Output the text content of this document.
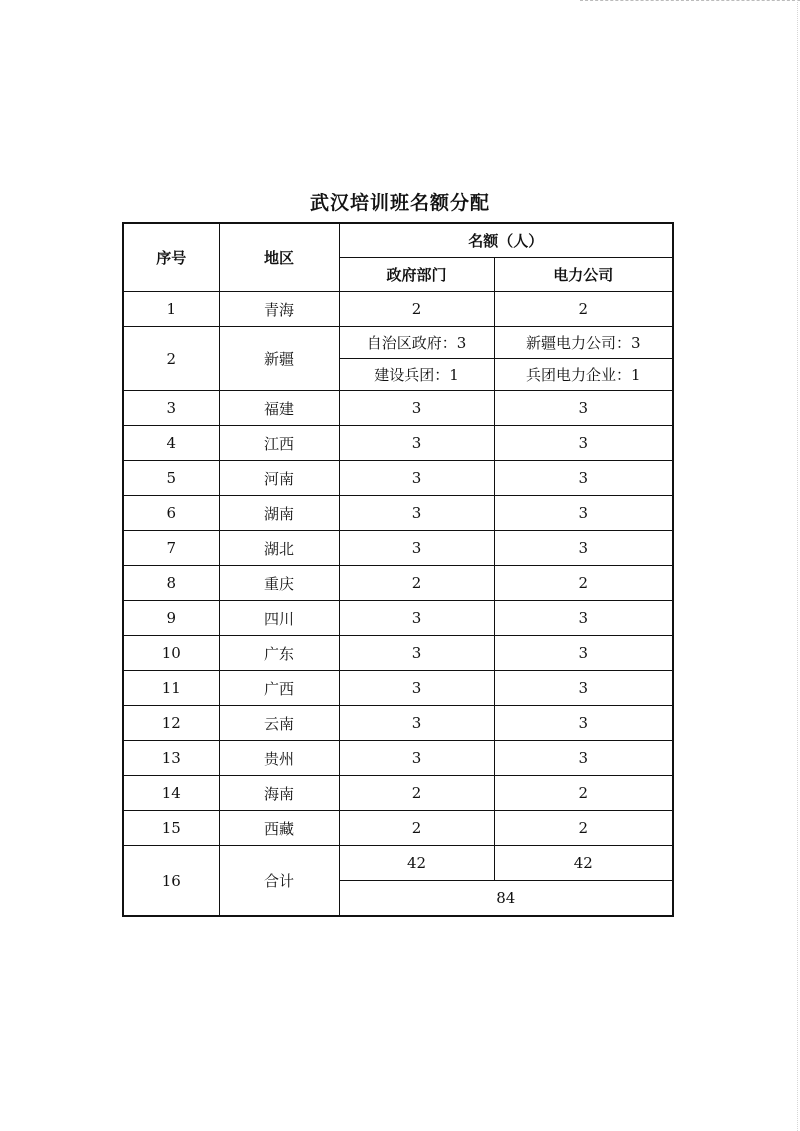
武汉培训班名额分配
序号	地区	名额（人）	
		政府部门	电力公司
1	青海	2	2
2	新疆	自治区政府：3	新疆电力公司：3
		建设兵团：1	兵团电力企业：1
3	福建	3	3
4	江西	3	3
5	河南	3	3
6	湖南	3	3
7	湖北	3	3
8	重庆	2	2
9	四川	3	3
10	广东	3	3
11	广西	3	3
12	云南	3	3
13	贵州	3	3
14	海南	2	2
15	西藏	2	2
16	合计	42	42
		84	
